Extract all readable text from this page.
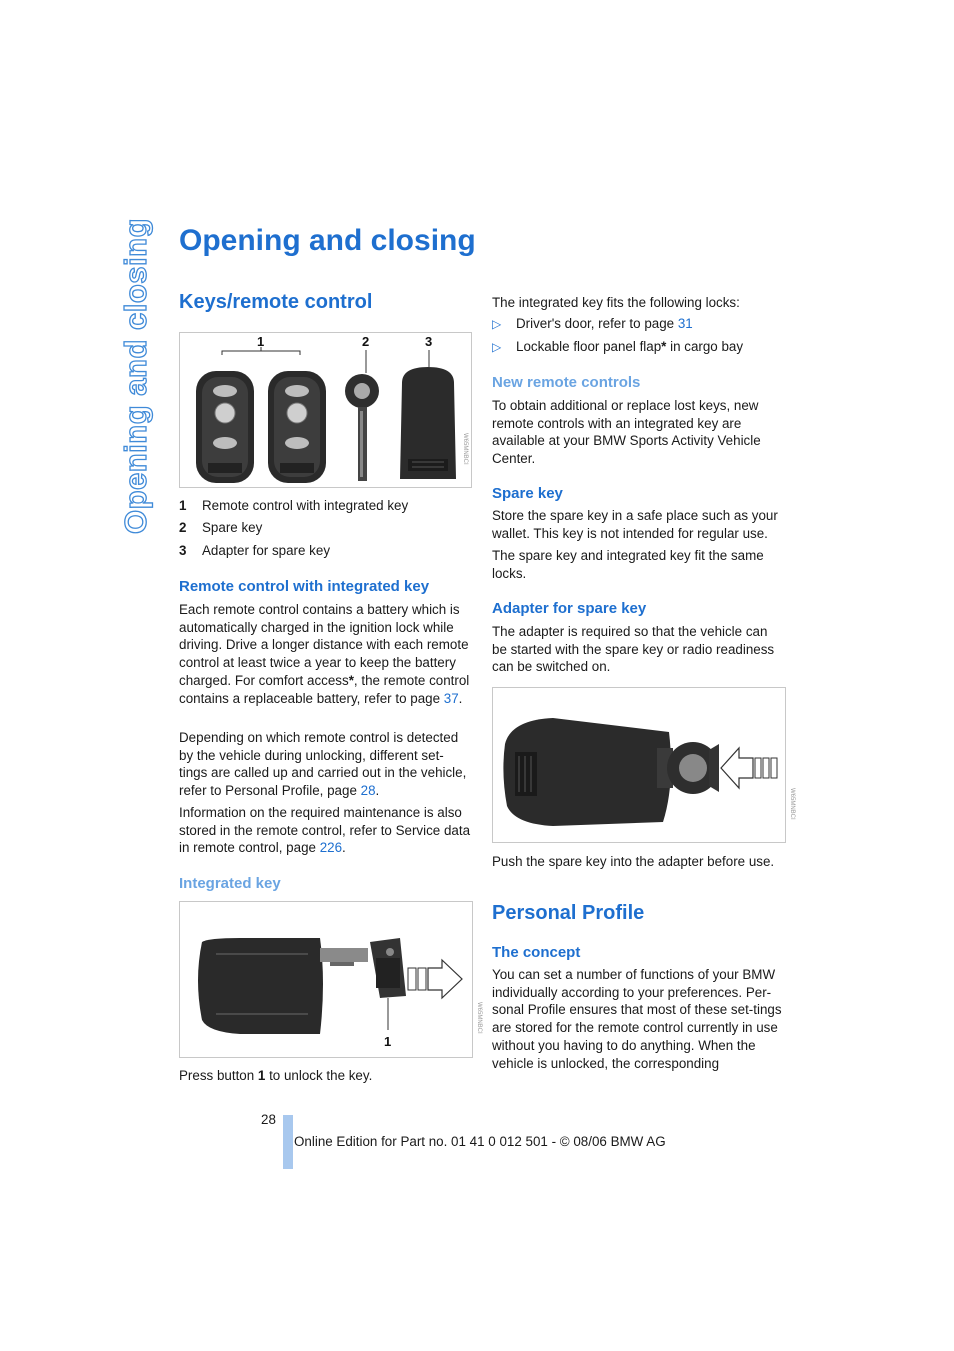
Opening and closing Opening and closing
Keys/remote control
1	2	3
W65MNBCI
1	Remote control with integrated key
2	Spare key
3	Adapter for spare key
Remote control with integrated key

Each remote control contains a battery which is automatically charged in the ignition lock while driving. Drive a longer distance with each remote control at least twice a year to keep the battery charged. For comfort access*, the remote control contains a replaceable battery, refer to page 37.

Depending on which remote control is detected by the vehicle during unlocking, different set-tings are called up and carried out in the vehicle, refer to Personal Profile, page 28.

Information on the required maintenance is also stored in the remote control, refer to Service data in remote control, page 226.

Integrated key
1
W65MNBCI

Press button 1 to unlock the key.

The integrated key fits the following locks:

▷	Driver's door, refer to page 31
▷	Lockable floor panel flap* in cargo bay
New remote controls

To obtain additional or replace lost keys, new remote controls with an integrated key are available at your BMW Sports Activity Vehicle Center.

Spare key

Store the spare key in a safe place such as your wallet. This key is not intended for regular use.

The spare key and integrated key fit the same locks.

Adapter for spare key

The adapter is required so that the vehicle can be started with the spare key or radio readiness can be switched on.

W65MNBCI

Push the spare key into the adapter before use.

Personal Profile
The concept

You can set a number of functions of your BMW individually according to your preferences. Per-sonal Profile ensures that most of these set-tings are stored for the remote control currently in use without you having to do anything. When the vehicle is unlocked, the corresponding

28
Online Edition for Part no. 01 41 0 012 501 - © 08/06 BMW AG
